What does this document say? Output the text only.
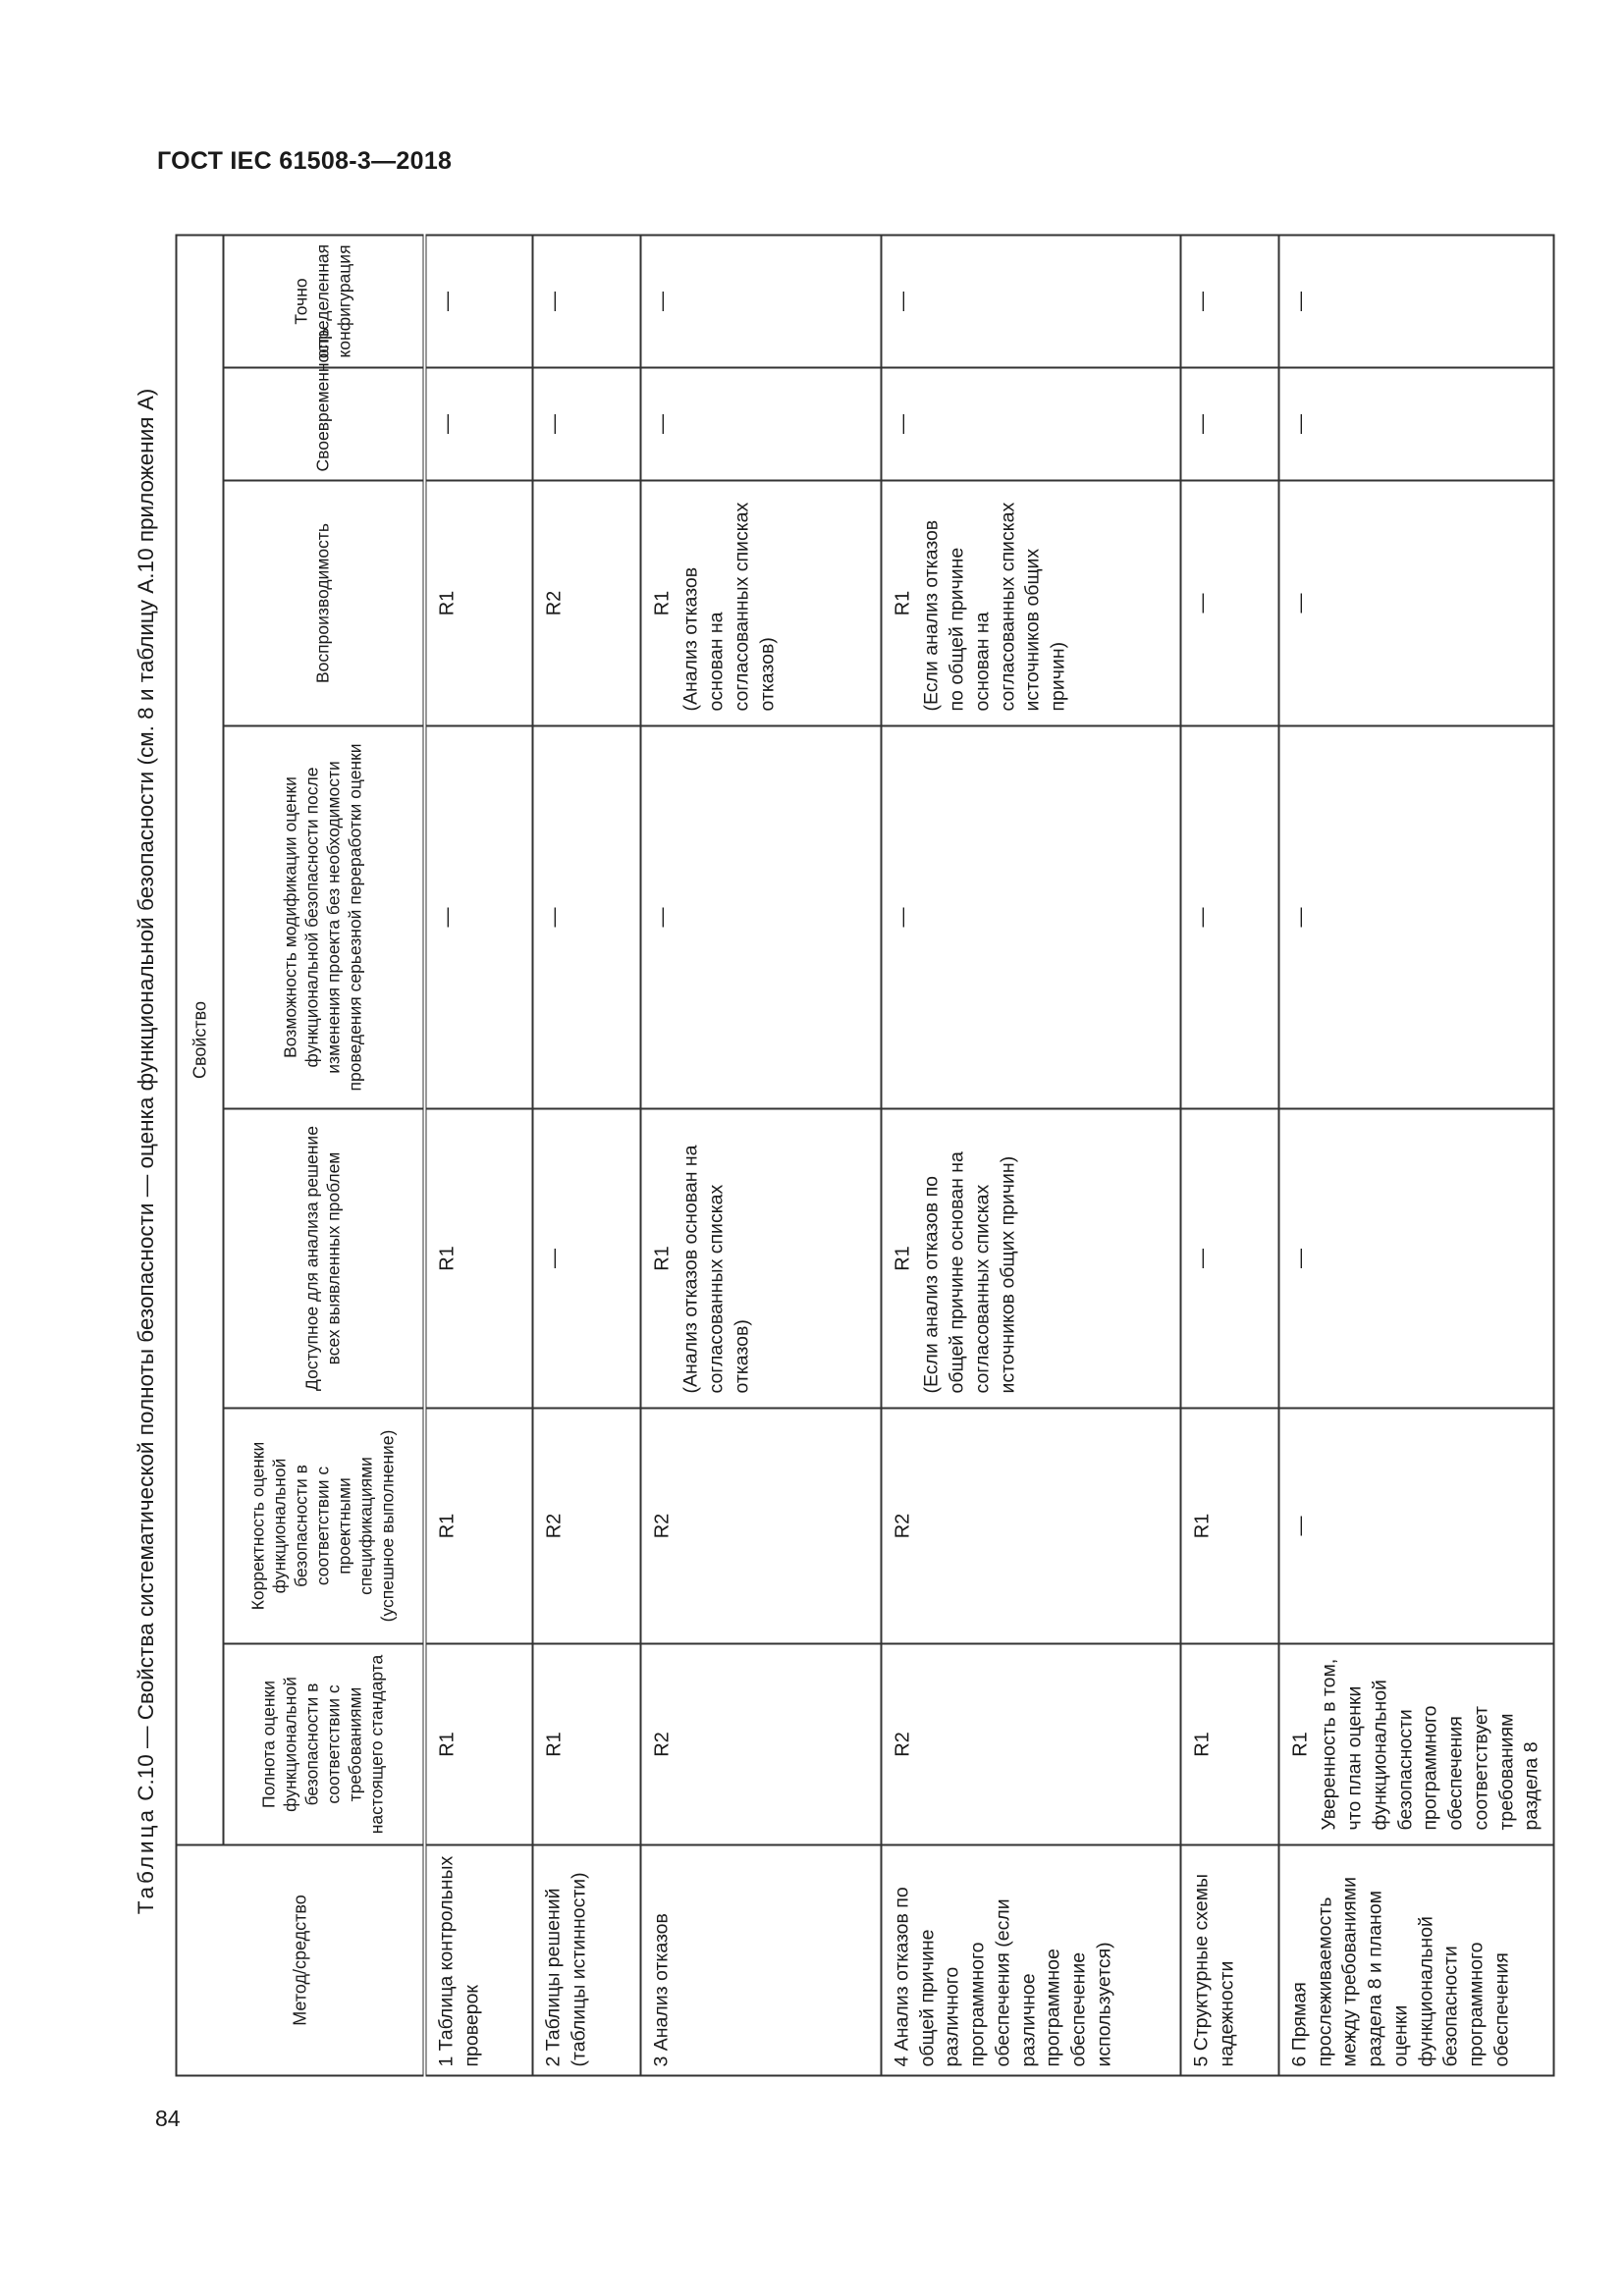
ГОСТ IEC 61508-3—2018
84
Таблица С.10 — Свойства систематической полноты безопасности — оценка функциональной безопасности (см. 8 и таблицу А.10 приложения А)
Метод/средство	Свойство						
	Полнота оценки функциональной безопасности в соответствии с требованиями настоящего стандарта	Корректность оценки функциональной безопасности в соответствии с проектными спецификациями (успешное выполнение)	Доступное для анализа решение всех выявленных проблем	Возможность модификации оценки функциональной безопасности после изменения проекта без необходимости проведения серьезной переработки оценки	Воспроизводимость	Своевременность	Точно определенная конфигурация
1 Таблица контрольных проверок	R1	R1	R1	—	R1	—	—

2 Таблицы решений (таблицы истинности)	R1	R2	—	—	R2	—	—

3 Анализ отказов	R2	R2	R1 (Анализ отказов основан на согласованных списках отказов)	—	R1 (Анализ отказов основан на согласованных списках отказов)	—	—

4 Анализ отказов по общей причине различного программного обеспечения (если различное программное обеспечение используется)	R2	R2	R1 (Если анализ отказов по общей причине основан на согласованных списках источников общих причин)	—	R1 (Если анализ отказов по общей причине основан на согласованных списках источников общих причин)	—	—

5 Структурные схемы надежности	R1	R1	—	—	—	—	—

6 Прямая прослеживаемость между требованиями раздела 8 и планом оценки функциональной безопасности программного обеспечения	R1 Уверенность в том, что план оценки функциональной безопасности программного обеспечения соответствует требованиям раздела 8	—	—	—	—	—	—
